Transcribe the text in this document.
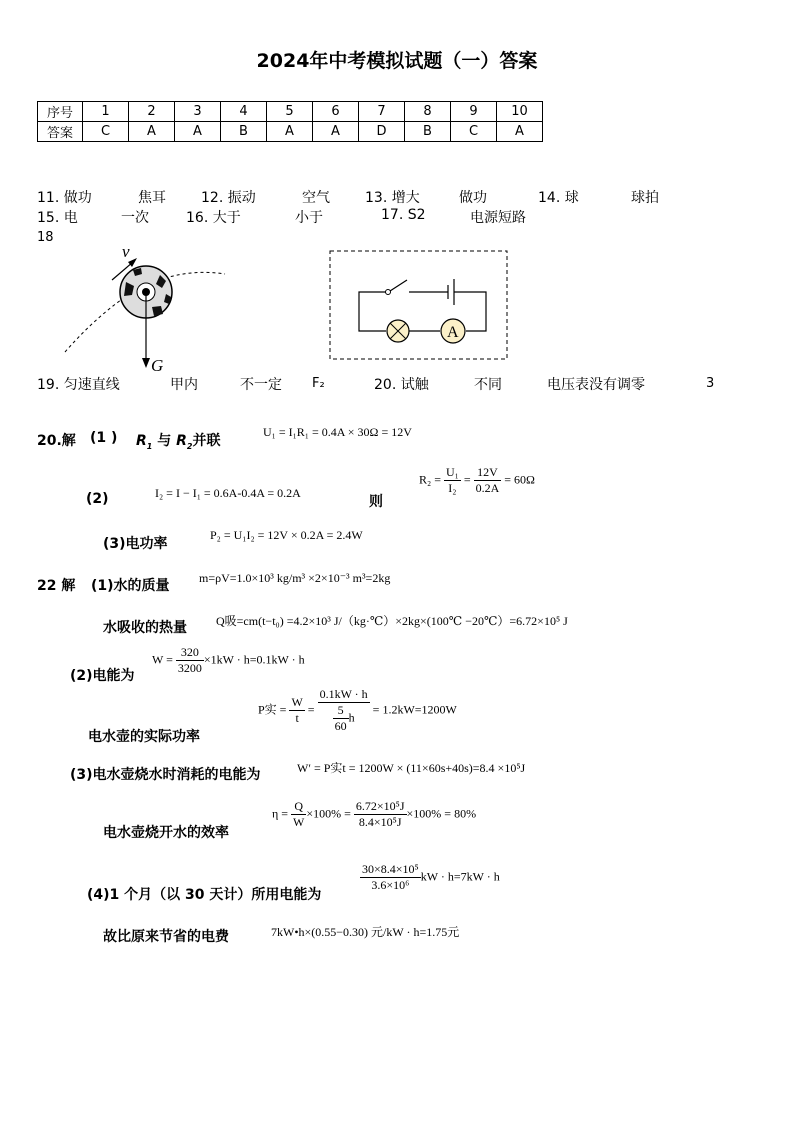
2024年中考模拟试题（一）答案
序号	1	2	3	4	5	6	7	8	9	10
答案	C	A	A	B	A	A	D	B	C	A
11. 做功	焦耳	12. 振动	空气	13. 增大	做功	14. 球	球拍
15. 电	一次	16. 大于	小于	17. S2	电源短路
18
v
G
A
19. 匀速直线	甲内	不一定 F₂	20. 试触	不同	电压表没有调零	3
20.解 (1 ) $R_1$ 与 $R_2$并联
U₁ = I₁R₁ = 0.4A × 30Ω = 12V
(2)	I₂ = I − I₁ = 0.6A-0.4A = 0.2A
则
$R_2 = \frac{\text{U₁}}{\text{I₂}} = \frac{12V}{0.2A} = 60\Omega$
(3)电功率
P₂ = U₁I₂ = 12V × 0.2A = 2.4W
22 解 (1)水的质量 m=ρV=1.0×10³ kg/m³ ×2×10⁻³ m³=2kg
水吸收的热量 Q吸=cm(t−t₀) =4.2×10³ J/（kg·℃）×2kg×(100℃ −20℃）=6.72×10⁵ J
(2)电能为
$W = \frac{320}{3200} \times 1kW \cdot h=0.1kW \cdot h$
电水壶的实际功率
P实 = $\frac{W}{t} = \frac{0.1kW \cdot h}{\frac{5}{60} h} = 1.2kW=1200W$
(3)电水壶烧水时消耗的电能为	W′ = P实t = 1200W × (11×60s+40s)=8.4 ×10⁵J
电水壶烧开水的效率
$\eta = \frac{Q}{W} \times 100\% = \frac{\text{6.72×10⁵J}}{\text{8.4×10⁵J}} \times 100\% = 80\%$
(4)1 个月（以 30 天计）所用电能为
$\frac{\text{30×8.4×10⁵}}{\text{3.6×10⁶}}$ kW · h=7kW · h
故比原来节省的电费	7kW•h×(0.55−0.30) 元/kW · h=1.75元
